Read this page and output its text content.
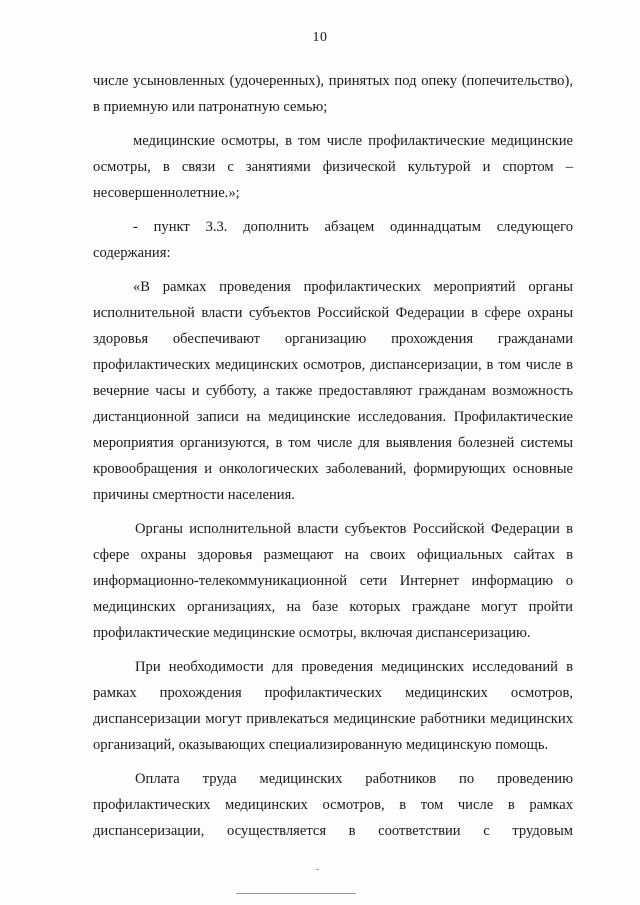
10

числе усыновленных (удочеренных), принятых под опеку (попечительство), в приемную или патронатную семью;

медицинские осмотры, в том числе профилактические медицинские осмотры, в связи с занятиями физической культурой и спортом – несовершеннолетние.»;

- пункт 3.3. дополнить абзацем одиннадцатым следующего содержания:

«В рамках проведения профилактических мероприятий органы исполнительной власти субъектов Российской Федерации в сфере охраны здоровья обеспечивают организацию прохождения гражданами профилактических медицинских осмотров, диспансеризации, в том числе в вечерние часы и субботу, а также предоставляют гражданам возможность дистанционной записи на медицинские исследования. Профилактические мероприятия организуются, в том числе для выявления болезней системы кровообращения и онкологических заболеваний, формирующих основные причины смертности населения.

Органы исполнительной власти субъектов Российской Федерации в сфере охраны здоровья размещают на своих официальных сайтах в информационно-телекоммуникационной сети Интернет информацию о медицинских организациях, на базе которых граждане могут пройти профилактические медицинские осмотры, включая диспансеризацию.

При необходимости для проведения медицинских исследований в рамках прохождения профилактических медицинских осмотров, диспансеризации могут привлекаться медицинские работники медицинских организаций, оказывающих специализированную медицинскую помощь.

Оплата труда медицинских работников по проведению профилактических медицинских осмотров, в том числе в рамках диспансеризации, осуществляется в соответствии с трудовым
